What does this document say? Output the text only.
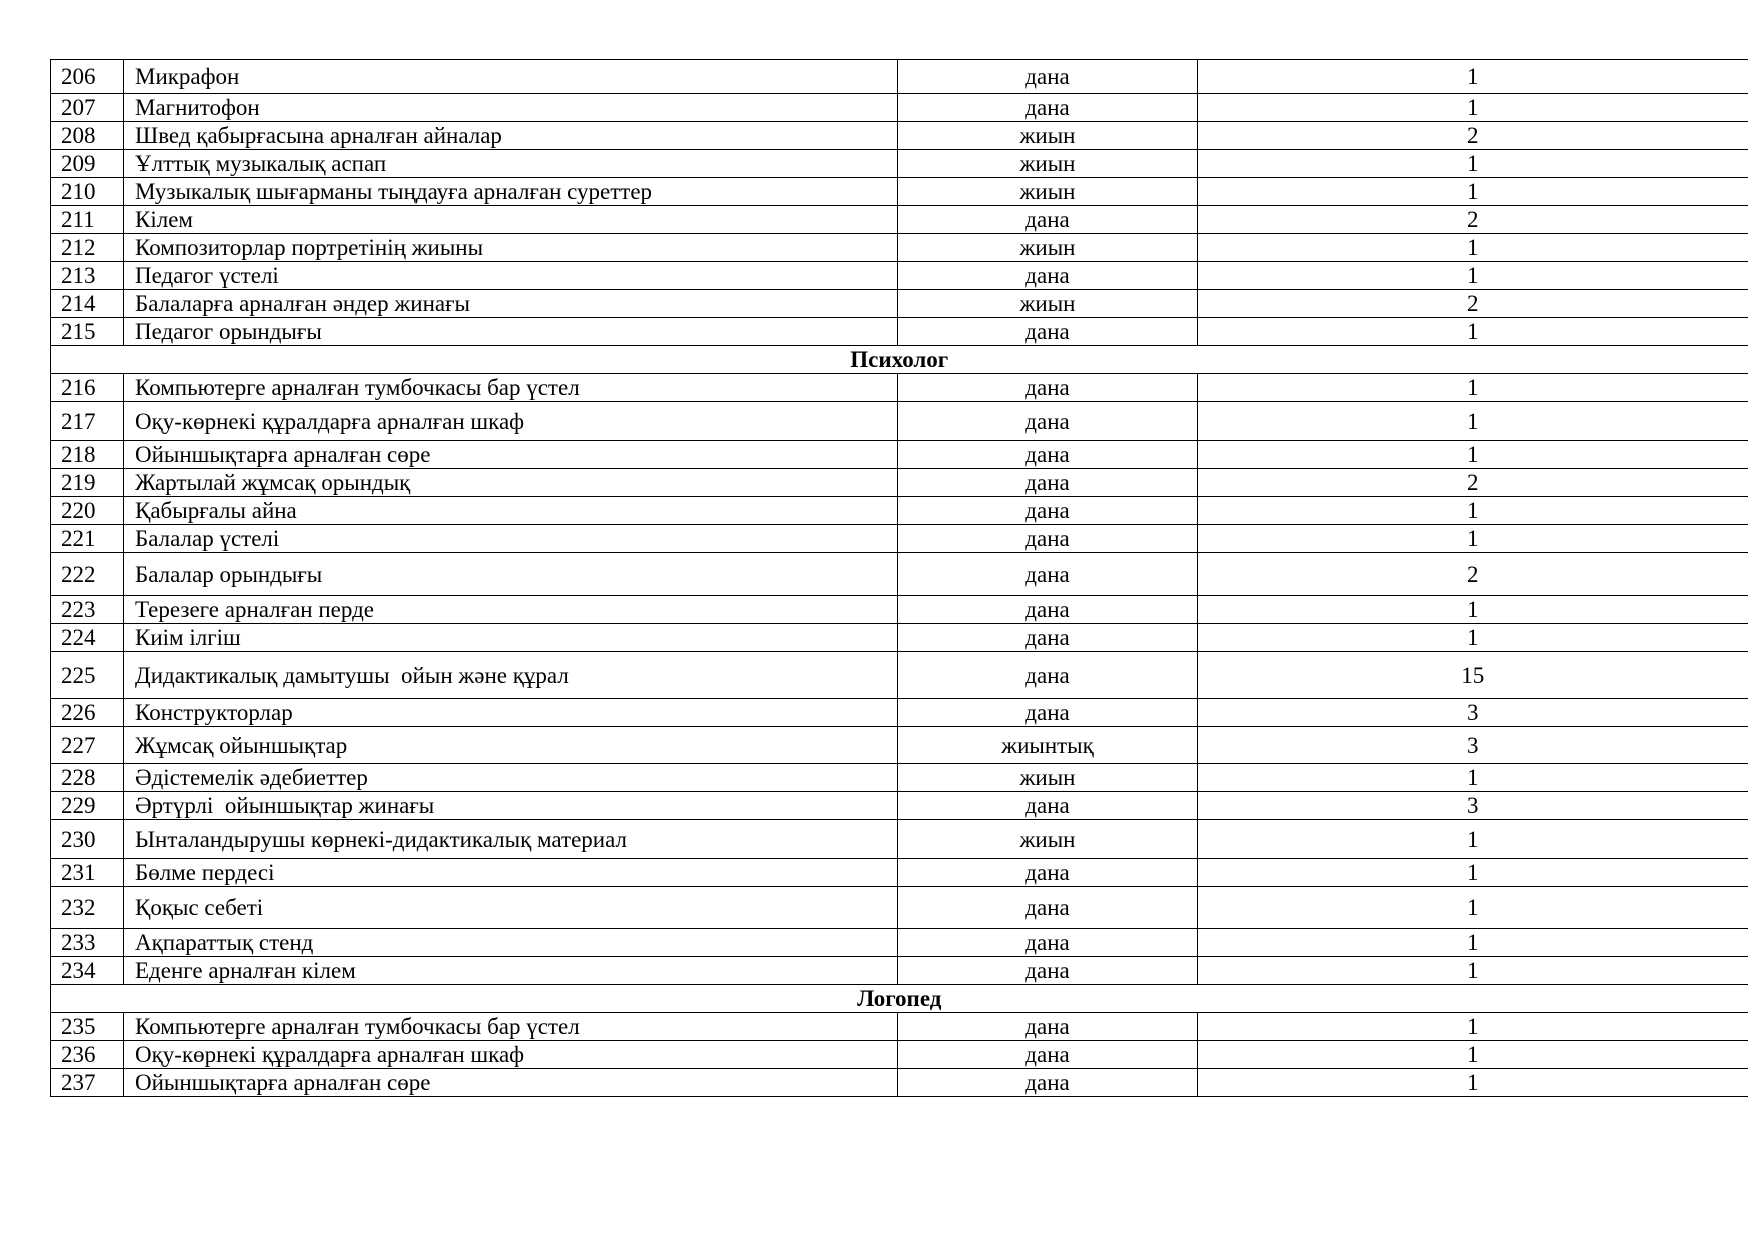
206	Микрафон	дана	1
207	Магнитофон	дана	1
208	Швед қабырғасына арналған айналар	жиын	2
209	Ұлттық музыкалық аспап	жиын	1
210	Музыкалық шығарманы тыңдауға арналған суреттер	жиын	1
211	Кілем	дана	2
212	Композиторлар портретінің жиыны	жиын	1
213	Педагог үстелі	дана	1
214	Балаларға арналған әндер жинағы	жиын	2
215	Педагог орындығы	дана	1
Психолог			
216	Компьютерге арналған тумбочкасы бар үстел	дана	1
217	Оқу-көрнекі құралдарға арналған шкаф	дана	1
218	Ойыншықтарға арналған сөре	дана	1
219	Жартылай жұмсақ орындық	дана	2
220	Қабырғалы айна	дана	1
221	Балалар үстелі	дана	1
222	Балалар орындығы	дана	2
223	Терезеге арналған перде	дана	1
224	Киім ілгіш	дана	1
225	Дидактикалық дамытушы  ойын және құрал	дана	15
226	Конструкторлар	дана	3
227	Жұмсақ ойыншықтар	жиынтық	3
228	Әдістемелік әдебиеттер	жиын	1
229	Әртүрлі  ойыншықтар жинағы	дана	3
230	Ынталандырушы көрнекі-дидактикалық материал	жиын	1
231	Бөлме пердесі	дана	1
232	Қоқыс себеті	дана	1
233	Ақпараттық стенд	дана	1
234	Еденге арналған кілем	дана	1
Логопед			
235	Компьютерге арналған тумбочкасы бар үстел	дана	1
236	Оқу-көрнекі құралдарға арналған шкаф	дана	1
237	Ойыншықтарға арналған сөре	дана	1
